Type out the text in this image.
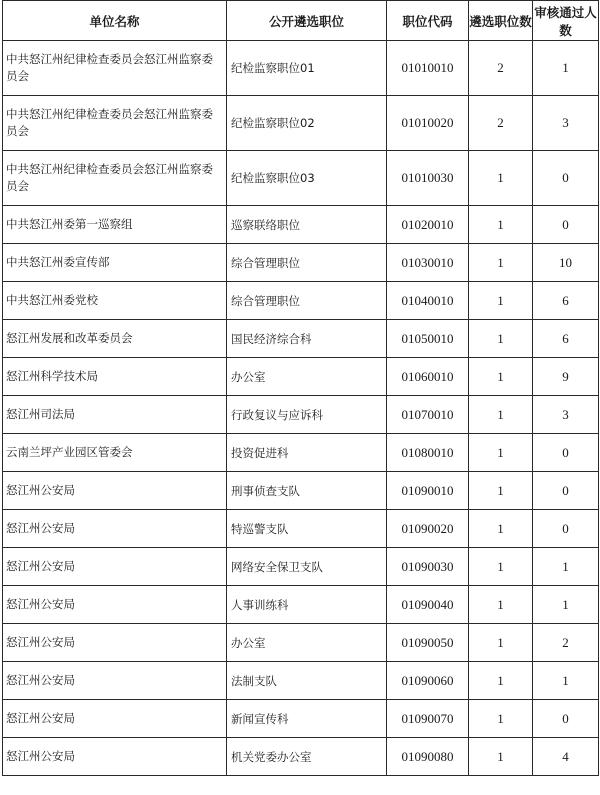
单位名称	公开遴选职位	职位代码	遴选职位数	审核通过人数
中共怒江州纪律检查委员会怒江州监察委员会	纪检监察职位01	01010010	2	1
中共怒江州纪律检查委员会怒江州监察委员会	纪检监察职位02	01010020	2	3
中共怒江州纪律检查委员会怒江州监察委员会	纪检监察职位03	01010030	1	0
中共怒江州委第一巡察组	巡察联络职位	01020010	1	0
中共怒江州委宣传部	综合管理职位	01030010	1	10
中共怒江州委党校	综合管理职位	01040010	1	6
怒江州发展和改革委员会	国民经济综合科	01050010	1	6
怒江州科学技术局	办公室	01060010	1	9
怒江州司法局	行政复议与应诉科	01070010	1	3
云南兰坪产业园区管委会	投资促进科	01080010	1	0
怒江州公安局	刑事侦查支队	01090010	1	0
怒江州公安局	特巡警支队	01090020	1	0
怒江州公安局	网络安全保卫支队	01090030	1	1
怒江州公安局	人事训练科	01090040	1	1
怒江州公安局	办公室	01090050	1	2
怒江州公安局	法制支队	01090060	1	1
怒江州公安局	新闻宣传科	01090070	1	0
怒江州公安局	机关党委办公室	01090080	1	4
